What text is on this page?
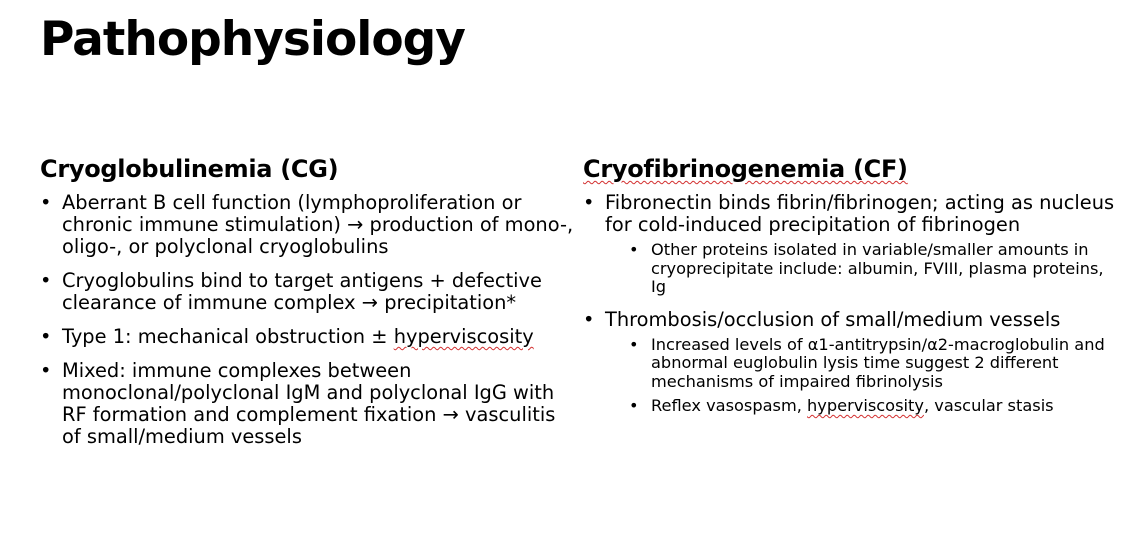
Pathophysiology
Cryoglobulinemia (CG)
• Aberrant B cell function (lymphoproliferation or chronic immune stimulation) → production of mono-, oligo-, or polyclonal cryoglobulins
• Cryoglobulins bind to target antigens + defective clearance of immune complex → precipitation*
• Type 1: mechanical obstruction ± hyperviscosity
• Mixed: immune complexes between monoclonal/polyclonal IgM and polyclonal IgG with RF formation and complement fixation → vasculitis of small/medium vessels
Cryofibrinogenemia (CF)
• Fibronectin binds fibrin/fibrinogen; acting as nucleus for cold-induced precipitation of fibrinogen
• Other proteins isolated in variable/smaller amounts in cryoprecipitate include: albumin, FVIII, plasma proteins, Ig
• Thrombosis/occlusion of small/medium vessels
• Increased levels of α1-antitrypsin/α2-macroglobulin and abnormal euglobulin lysis time suggest 2 different mechanisms of impaired fibrinolysis
• Reflex vasospasm, hyperviscosity, vascular stasis
